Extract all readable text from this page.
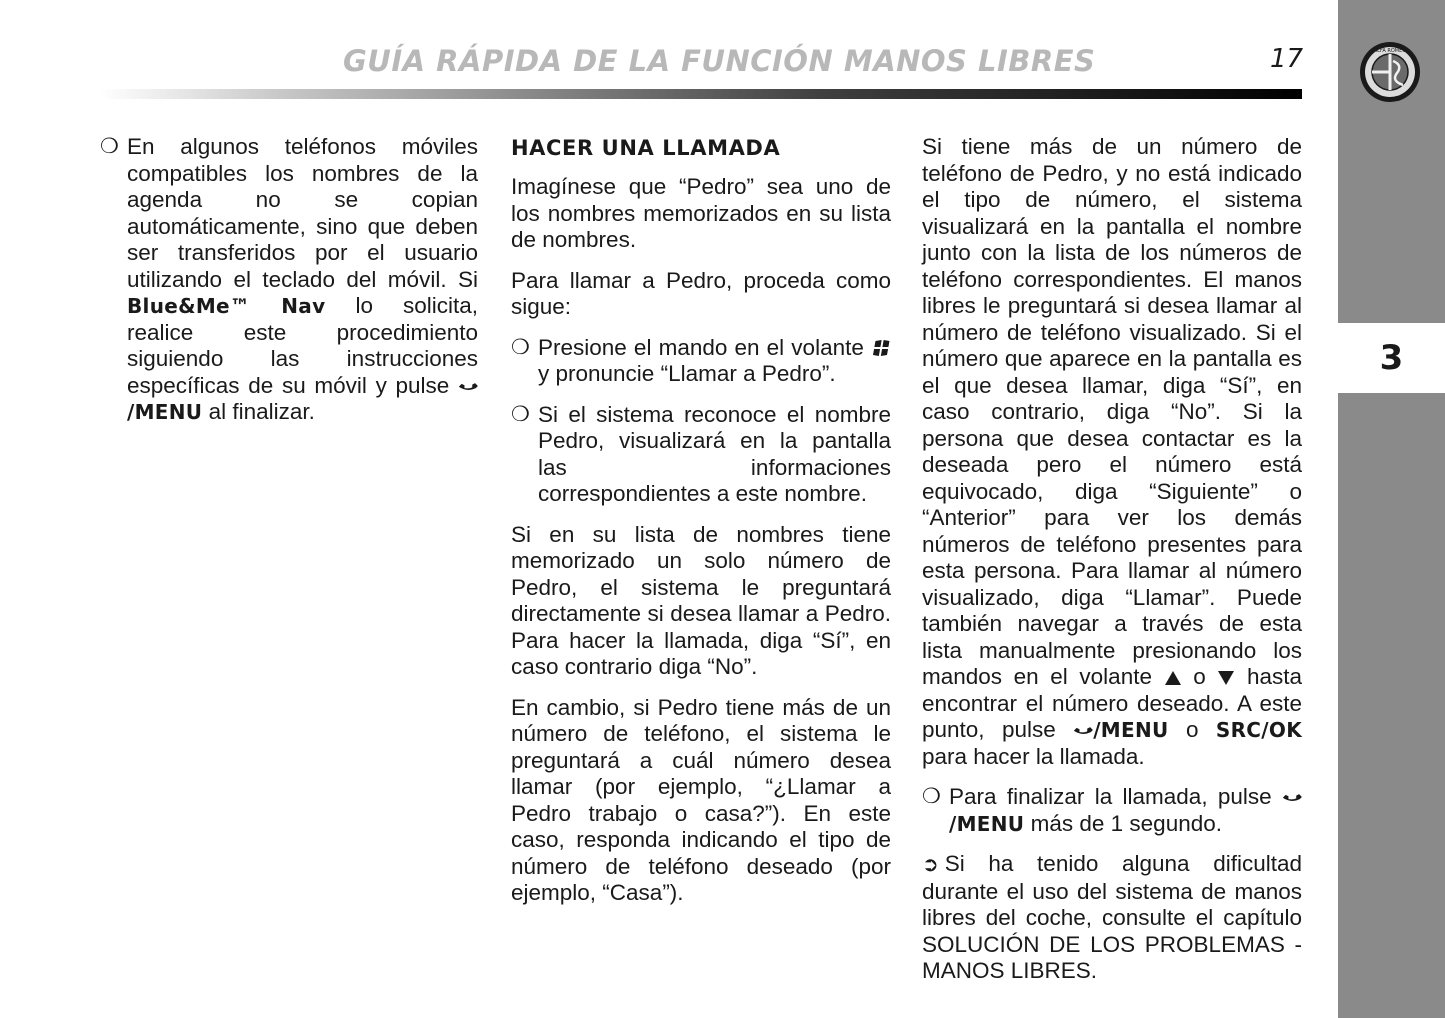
GUÍA RÁPIDA DE LA FUNCIÓN MANOS LIBRES	17	ALFA ROMEO
3
❍ En algunos teléfonos móviles compatibles los nombres de la agenda no se copian automáticamente, sino que deben ser transferidos por el usuario utilizando el teclado del móvil. Si Blue&Me™ Nav lo solicita, realice este procedimiento siguiendo las instrucciones específicas de su móvil y pulse /MENU al finalizar.
HACER UNA LLAMADA

Imagínese que “Pedro” sea uno de los nombres memorizados en su lista de nombres.

Para llamar a Pedro, proceda como sigue:

❍ Presione el mando en el volante  y pronuncie “Llamar a Pedro”.
❍ Si el sistema reconoce el nombre Pedro, visualizará en la pantalla las informaciones correspondientes a este nombre.

Si en su lista de nombres tiene memorizado un solo número de Pedro, el sistema le preguntará directamente si desea llamar a Pedro. Para hacer la llamada, diga “Sí”, en caso contrario diga “No”.

En cambio, si Pedro tiene más de un número de teléfono, el sistema le preguntará a cuál número desea llamar (por ejemplo, “¿Llamar a Pedro trabajo o casa?”). En este caso, responda indicando el tipo de número de teléfono deseado (por ejemplo, “Casa”).

Si tiene más de un número de teléfono de Pedro, y no está indicado el tipo de número, el sistema visualizará en la pantalla el nombre junto con la lista de los números de teléfono correspondientes. El manos libres le preguntará si desea llamar al número de teléfono visualizado. Si el número que aparece en la pantalla es el que desea llamar, diga “Sí”, en caso contrario, diga “No”. Si la persona que desea contactar es la deseada pero el número está equivocado, diga “Siguiente” o “Anterior” para ver los demás números de teléfono presentes para esta persona. Para llamar al número visualizado, diga “Llamar”. Puede también navegar a través de esta lista manualmente presionando los mandos en el volante  o  hasta encontrar el número deseado. A este punto, pulse /MENU o SRC/OK para hacer la llamada.

❍ Para finalizar la llamada, pulse /MENU más de 1 segundo.

➲ Si ha tenido alguna dificultad durante el uso del sistema de manos libres del coche, consulte el capítulo SOLUCIÓN DE LOS PROBLEMAS - MANOS LIBRES.
